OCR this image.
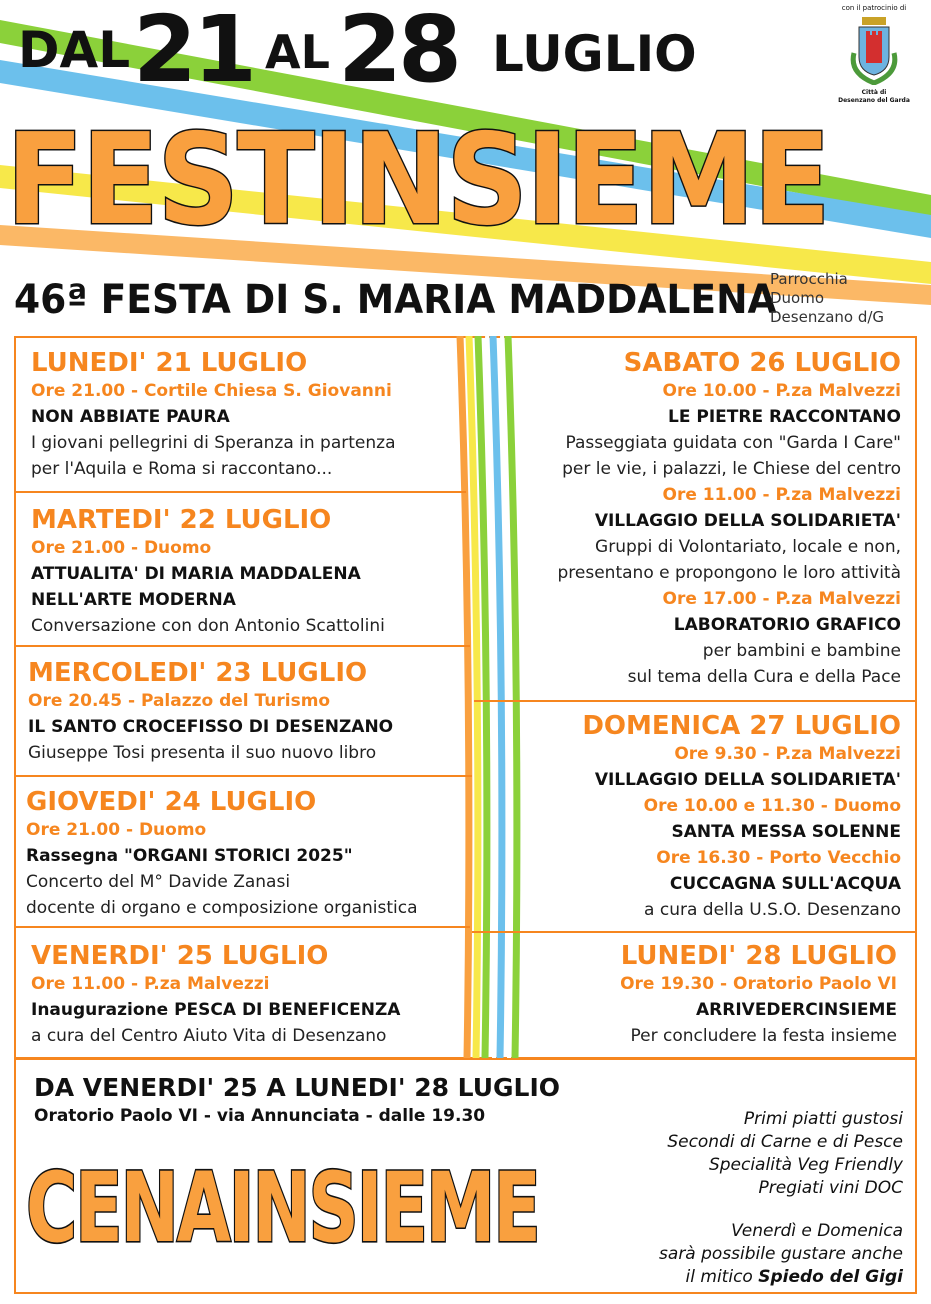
DAL 21 AL 28 LUGLIO
FESTINSIEME
46ª FESTA DI S. MARIA MADDALENA
Parrocchia
Duomo
Desenzano d/G
con il patrocinio di
Città di
Desenzano del Garda
LUNEDI' 21 LUGLIO
Ore 21.00 - Cortile Chiesa S. Giovanni
NON ABBIATE PAURA
I giovani pellegrini di Speranza in partenza
per l'Aquila e Roma si raccontano...
MARTEDI' 22 LUGLIO
Ore 21.00 - Duomo
ATTUALITA' DI MARIA MADDALENA
NELL'ARTE MODERNA
Conversazione con don Antonio Scattolini
MERCOLEDI' 23 LUGLIO
Ore 20.45 - Palazzo del Turismo
IL SANTO CROCEFISSO DI DESENZANO
Giuseppe Tosi presenta il suo nuovo libro
GIOVEDI' 24 LUGLIO
Ore 21.00 - Duomo
Rassegna "ORGANI STORICI 2025"
Concerto del M° Davide Zanasi
docente di organo e composizione organistica
VENERDI' 25 LUGLIO
Ore 11.00 - P.za Malvezzi
Inaugurazione PESCA DI BENEFICENZA
a cura del Centro Aiuto Vita di Desenzano
SABATO 26 LUGLIO
Ore 10.00 - P.za Malvezzi
LE PIETRE RACCONTANO
Passeggiata guidata con "Garda I Care"
per le vie, i palazzi, le Chiese del centro
Ore 11.00 - P.za Malvezzi
VILLAGGIO DELLA SOLIDARIETA'
Gruppi di Volontariato, locale e non,
presentano e propongono le loro attività
Ore 17.00 - P.za Malvezzi
LABORATORIO GRAFICO
per bambini e bambine
sul tema della Cura e della Pace
DOMENICA 27 LUGLIO
Ore 9.30 - P.za Malvezzi
VILLAGGIO DELLA SOLIDARIETA'
Ore 10.00 e 11.30 - Duomo
SANTA MESSA SOLENNE
Ore 16.30 - Porto Vecchio
CUCCAGNA SULL'ACQUA
a cura della U.S.O. Desenzano
LUNEDI' 28 LUGLIO
Ore 19.30 - Oratorio Paolo VI
ARRIVEDERCINSIEME
Per concludere la festa insieme
DA VENERDI' 25 A LUNEDI' 28 LUGLIO
Oratorio Paolo VI - via Annunciata - dalle 19.30
CENAINSIEME
Primi piatti gustosi
Secondi di Carne e di Pesce
Specialità Veg Friendly
Pregiati vini DOC
Venerdì e Domenica
sarà possibile gustare anche
il mitico Spiedo del Gigi
